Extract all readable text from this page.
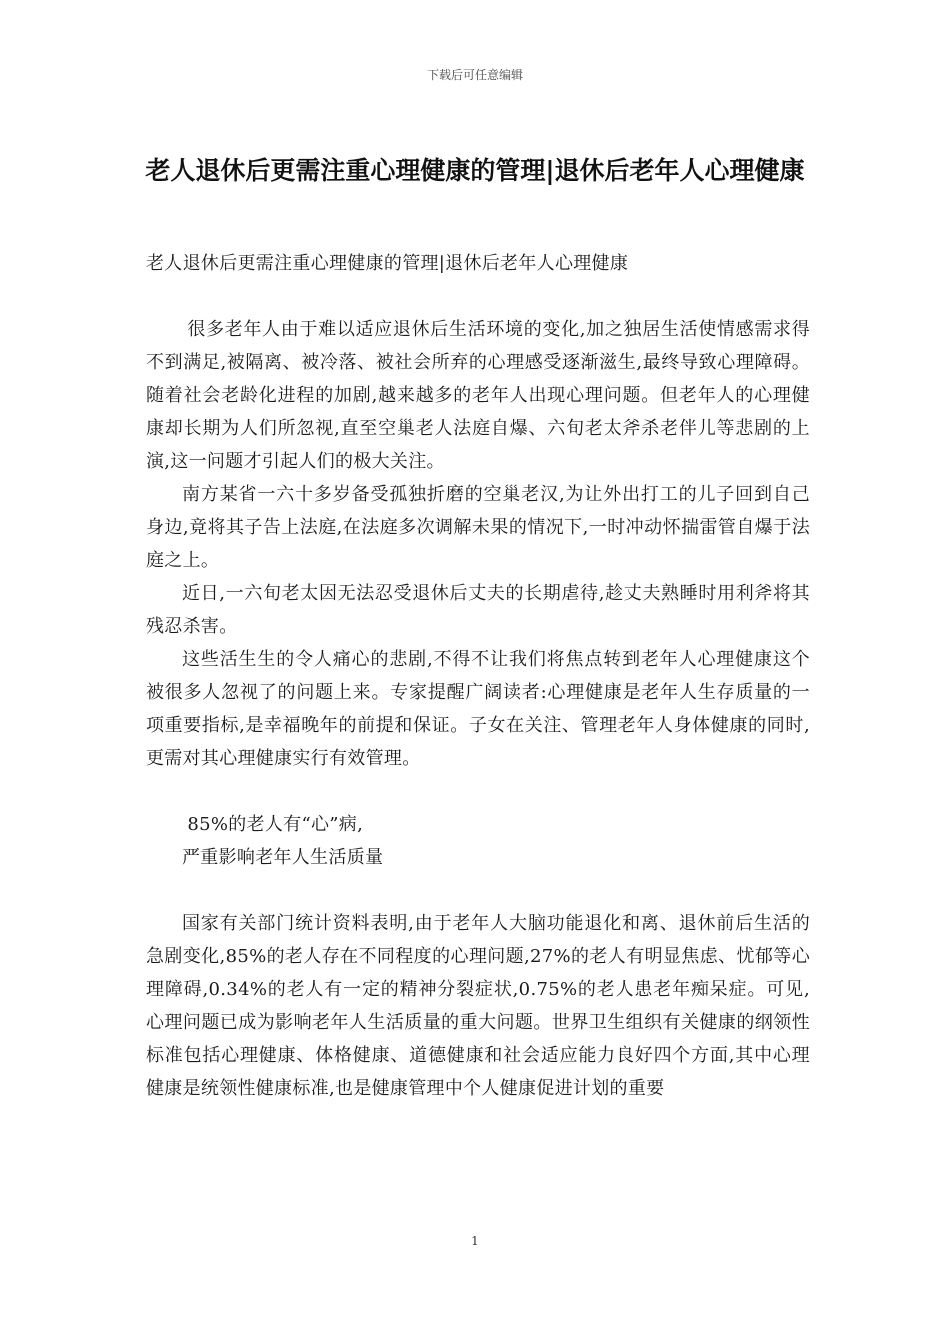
下载后可任意编辑
老人退休后更需注重心理健康的管理|退休后老年人心理健康

老人退休后更需注重心理健康的管理|退休后老年人心理健康

很多老年人由于难以适应退休后生活环境的变化,加之独居生活使情感需求得不到满足,被隔离、被冷落、被社会所弃的心理感受逐渐滋生,最终导致心理障碍。 随着社会老龄化进程的加剧,越来越多的老年人出现心理问题。但老年人的心理健康却长期为人们所忽视,直至空巢老人法庭自爆、六旬老太斧杀老伴儿等悲剧的上演,这一问题才引起人们的极大关注。

南方某省一六十多岁备受孤独折磨的空巢老汉,为让外出打工的儿子回到自己身边,竟将其子告上法庭,在法庭多次调解未果的情况下,一时冲动怀揣雷管自爆于法庭之上。

近日,一六旬老太因无法忍受退休后丈夫的长期虐待,趁丈夫熟睡时用利斧将其残忍杀害。

这些活生生的令人痛心的悲剧,不得不让我们将焦点转到老年人心理健康这个被很多人忽视了的问题上来。专家提醒广阔读者:心理健康是老年人生存质量的一项重要指标,是幸福晚年的前提和保证。子女在关注、管理老年人身体健康的同时,更需对其心理健康实行有效管理。

85%的老人有“心”病,

严重影响老年人生活质量

国家有关部门统计资料表明,由于老年人大脑功能退化和离、退休前后生活的急剧变化,85%的老人存在不同程度的心理问题,27%的老人有明显焦虑、忧郁等心理障碍,0.34%的老人有一定的精神分裂症状,0.75%的老人患老年痴呆症。可见,心理问题已成为影响老年人生活质量的重大问题。世界卫生组织有关健康的纲领性标准包括心理健康、体格健康、道德健康和社会适应能力良好四个方面,其中心理健康是统领性健康标准,也是健康管理中个人健康促进计划的重要

1
